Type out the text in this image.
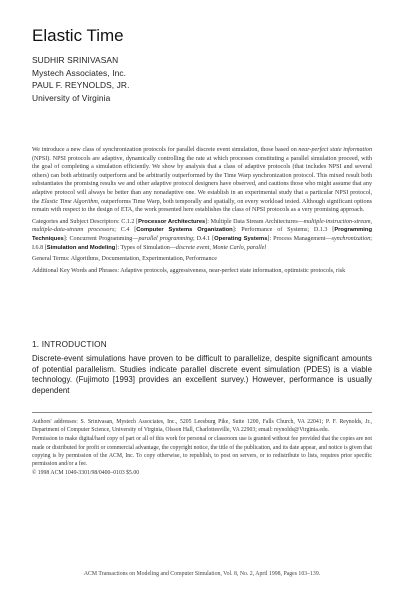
Elastic Time
SUDHIR SRINIVASAN
Mystech Associates, Inc.
PAUL F. REYNOLDS, JR.
University of Virginia

We introduce a new class of synchronization protocols for parallel discrete event simulation, those based on near-perfect state information (NPSI). NPSI protocols are adaptive, dynamically controlling the rate at which processes constituting a parallel simulation proceed, with the goal of completing a simulation efficiently. We show by analysis that a class of adaptive protocols (that includes NPSI and several others) can both arbitrarily outperform and be arbitrarily outperformed by the Time Warp synchronization protocol. This mixed result both substantiates the promising results we and other adaptive protocol designers have observed, and cautions those who might assume that any adaptive protocol will always be better than any nonadaptive one. We establish in an experimental study that a particular NPSI protocol, the Elastic Time Algorithm, outperforms Time Warp, both temporally and spatially, on every workload tested. Although significant options remain with respect to the design of ETA, the work presented here establishes the class of NPSI protocols as a very promising approach.

Categories and Subject Descriptors: C.1.2 [Processor Architectures]: Multiple Data Stream Architectures—multiple-instruction-stream, multiple-data-stream processors; C.4 [Computer Systems Organization]: Performance of Systems; D.1.3 [Programming Techniques]: Concurrent Programming—parallel programming; D.4.1 [Operating Systems]: Process Management—synchronization; I.6.8 [Simulation and Modeling]: Types of Simulation—discrete event, Monte Carlo, parallel

General Terms: Algorithms, Documentation, Experimentation, Performance

Additional Key Words and Phrases: Adaptive protocols, aggressiveness, near-perfect state information, optimistic protocols, risk

1. INTRODUCTION

Discrete-event simulations have proven to be difficult to parallelize, despite significant amounts of potential parallelism. Studies indicate parallel discrete event simulation (PDES) is a viable technology. (Fujimoto [1993] provides an excellent survey.) However, performance is usually dependent

Authors' addresses: S. Srinivasan, Mystech Associates, Inc., 5205 Leesburg Pike, Suite 1200, Falls Church, VA 22041; P. F. Reynolds, Jr., Department of Computer Science, University of Virginia, Olsson Hall, Charlottesville, VA 22903; email: reynolds@Virginia.edu.

Permission to make digital/hard copy of part or all of this work for personal or classroom use is granted without fee provided that the copies are not made or distributed for profit or commercial advantage, the copyright notice, the title of the publication, and its date appear, and notice is given that copying is by permission of the ACM, Inc. To copy otherwise, to republish, to post on servers, or to redistribute to lists, requires prior specific permission and/or a fee.

© 1998 ACM 1049-3301/98/0400–0103 $5.00

ACM Transactions on Modeling and Computer Simulation, Vol. 8, No. 2, April 1998, Pages 103–139.
